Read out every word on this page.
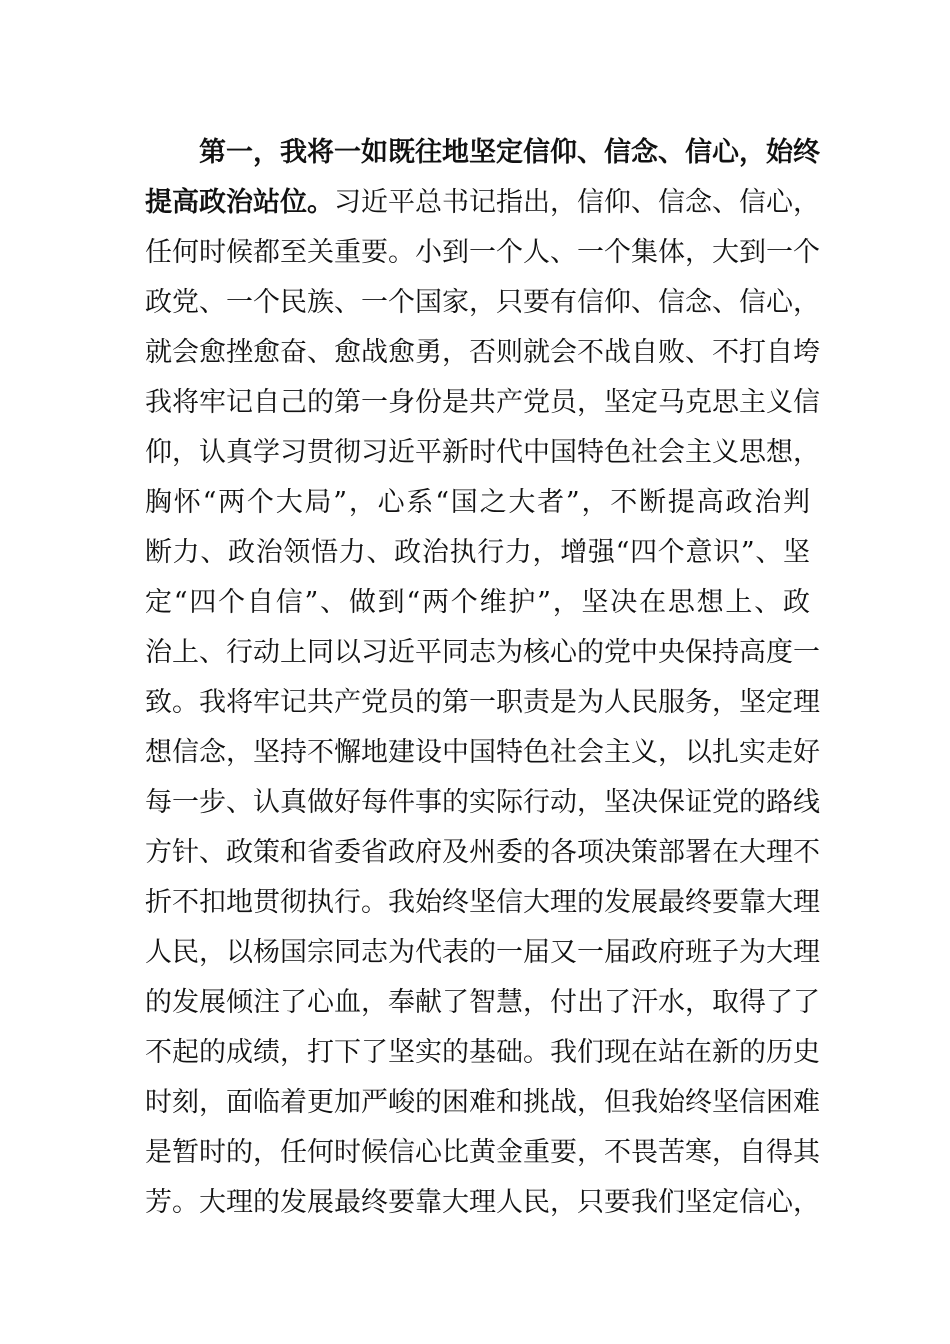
第一，我将一如既往地坚定信仰、信念、信心，始终
提高政治站位。习近平总书记指出，信仰、信念、信心，
任何时候都至关重要。小到一个人、一个集体，大到一个
政党、一个民族、一个国家，只要有信仰、信念、信心，
就会愈挫愈奋、愈战愈勇，否则就会不战自败、不打自垮
我将牢记自己的第一身份是共产党员，坚定马克思主义信
仰，认真学习贯彻习近平新时代中国特色社会主义思想，
胸怀“两个大局”，心系“国之大者”，不断提高政治判
断力、政治领悟力、政治执行力，增强“四个意识”、坚
定“四个自信”、做到“两个维护”，坚决在思想上、政
治上、行动上同以习近平同志为核心的党中央保持高度一
致。我将牢记共产党员的第一职责是为人民服务，坚定理
想信念，坚持不懈地建设中国特色社会主义，以扎实走好
每一步、认真做好每件事的实际行动，坚决保证党的路线
方针、政策和省委省政府及州委的各项决策部署在大理不
折不扣地贯彻执行。我始终坚信大理的发展最终要靠大理
人民，以杨国宗同志为代表的一届又一届政府班子为大理
的发展倾注了心血，奉献了智慧，付出了汗水，取得了了
不起的成绩，打下了坚实的基础。我们现在站在新的历史
时刻，面临着更加严峻的困难和挑战，但我始终坚信困难
是暂时的，任何时候信心比黄金重要，不畏苦寒，自得其
芳。大理的发展最终要靠大理人民，只要我们坚定信心，
